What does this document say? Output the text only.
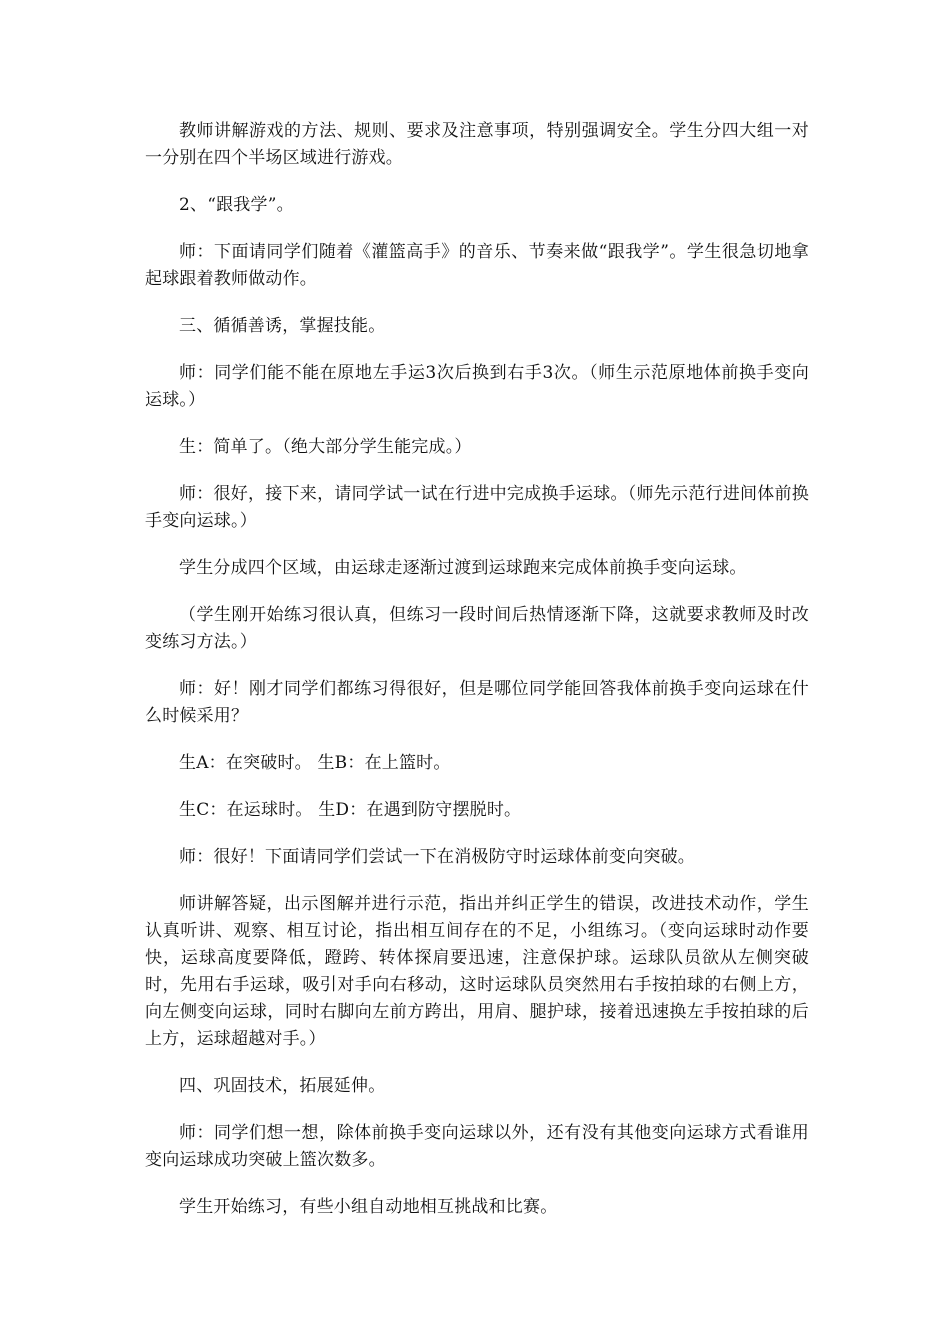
教师讲解游戏的方法、规则、要求及注意事项，特别强调安全。学生分四大组一对一分别在四个半场区域进行游戏。

2、“跟我学”。

师：下面请同学们随着《灌篮高手》的音乐、节奏来做“跟我学”。学生很急切地拿起球跟着教师做动作。

三、循循善诱，掌握技能。

师：同学们能不能在原地左手运3次后换到右手3次。（师生示范原地体前换手变向运球。）

生：简单了。（绝大部分学生能完成。）

师：很好，接下来，请同学试一试在行进中完成换手运球。（师先示范行进间体前换手变向运球。）

学生分成四个区域，由运球走逐渐过渡到运球跑来完成体前换手变向运球。

（学生刚开始练习很认真，但练习一段时间后热情逐渐下降，这就要求教师及时改变练习方法。）

师：好！刚才同学们都练习得很好，但是哪位同学能回答我体前换手变向运球在什么时候采用？

生A：在突破时。 生B：在上篮时。

生C：在运球时。 生D：在遇到防守摆脱时。

师：很好！下面请同学们尝试一下在消极防守时运球体前变向突破。

师讲解答疑，出示图解并进行示范，指出并纠正学生的错误，改进技术动作，学生认真听讲、观察、相互讨论，指出相互间存在的不足，小组练习。（变向运球时动作要快，运球高度要降低，蹬跨、转体探肩要迅速，注意保护球。运球队员欲从左侧突破时，先用右手运球，吸引对手向右移动，这时运球队员突然用右手按拍球的右侧上方，向左侧变向运球，同时右脚向左前方跨出，用肩、腿护球，接着迅速换左手按拍球的后上方，运球超越对手。）

四、巩固技术，拓展延伸。

师：同学们想一想，除体前换手变向运球以外，还有没有其他变向运球方式看谁用变向运球成功突破上篮次数多。

学生开始练习，有些小组自动地相互挑战和比赛。
